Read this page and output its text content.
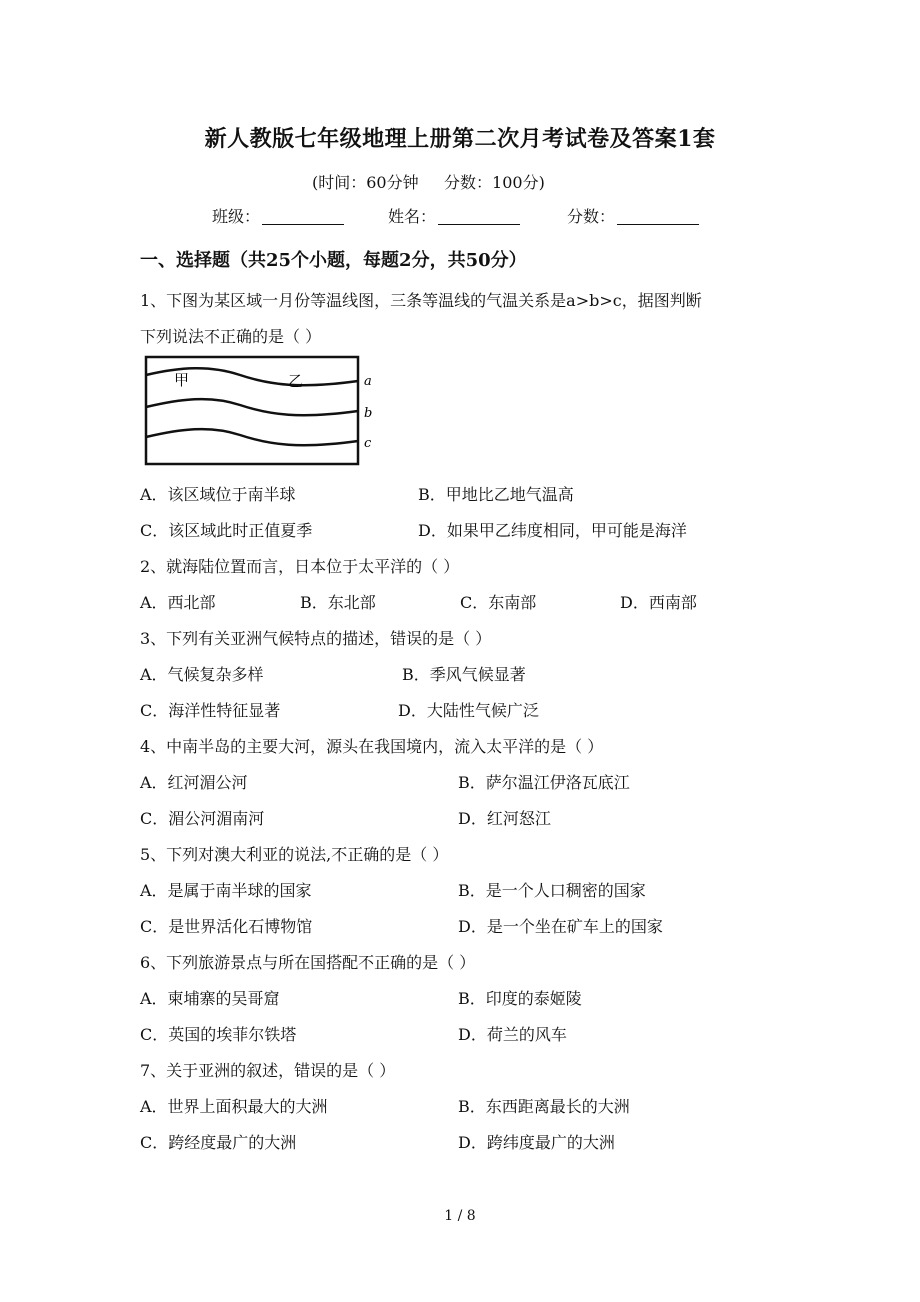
新人教版七年级地理上册第二次月考试卷及答案1套
(时间：60分钟     分数：100分)
班级：	姓名：	分数：
一、选择题（共25个小题，每题2分，共50分）
1、下图为某区域一月份等温线图，三条等温线的气温关系是a>b>c，据图判断
下列说法不正确的是（ ）
甲	乙	a
b
c
A．该区域位于南半球	B．甲地比乙地气温高
C．该区域此时正值夏季	D．如果甲乙纬度相同，甲可能是海洋
2、就海陆位置而言，日本位于太平洋的（ ）
A．西北部	B．东北部	C．东南部	D．西南部
3、下列有关亚洲气候特点的描述，错误的是（ ）
A．气候复杂多样	B．季风气候显著
C．海洋性特征显著	D．大陆性气候广泛
4、中南半岛的主要大河，源头在我国境内，流入太平洋的是（ ）
A．红河湄公河	B．萨尔温江伊洛瓦底江
C．湄公河湄南河	D．红河怒江
5、下列对澳大利亚的说法,不正确的是（ ）
A．是属于南半球的国家	B．是一个人口稠密的国家
C．是世界活化石博物馆	D．是一个坐在矿车上的国家
6、下列旅游景点与所在国搭配不正确的是（ ）
A．柬埔寨的吴哥窟	B．印度的泰姬陵
C．英国的埃菲尔铁塔	D．荷兰的风车
7、关于亚洲的叙述，错误的是（ ）
A．世界上面积最大的大洲	B．东西距离最长的大洲
C．跨经度最广的大洲	D．跨纬度最广的大洲
1 / 8
